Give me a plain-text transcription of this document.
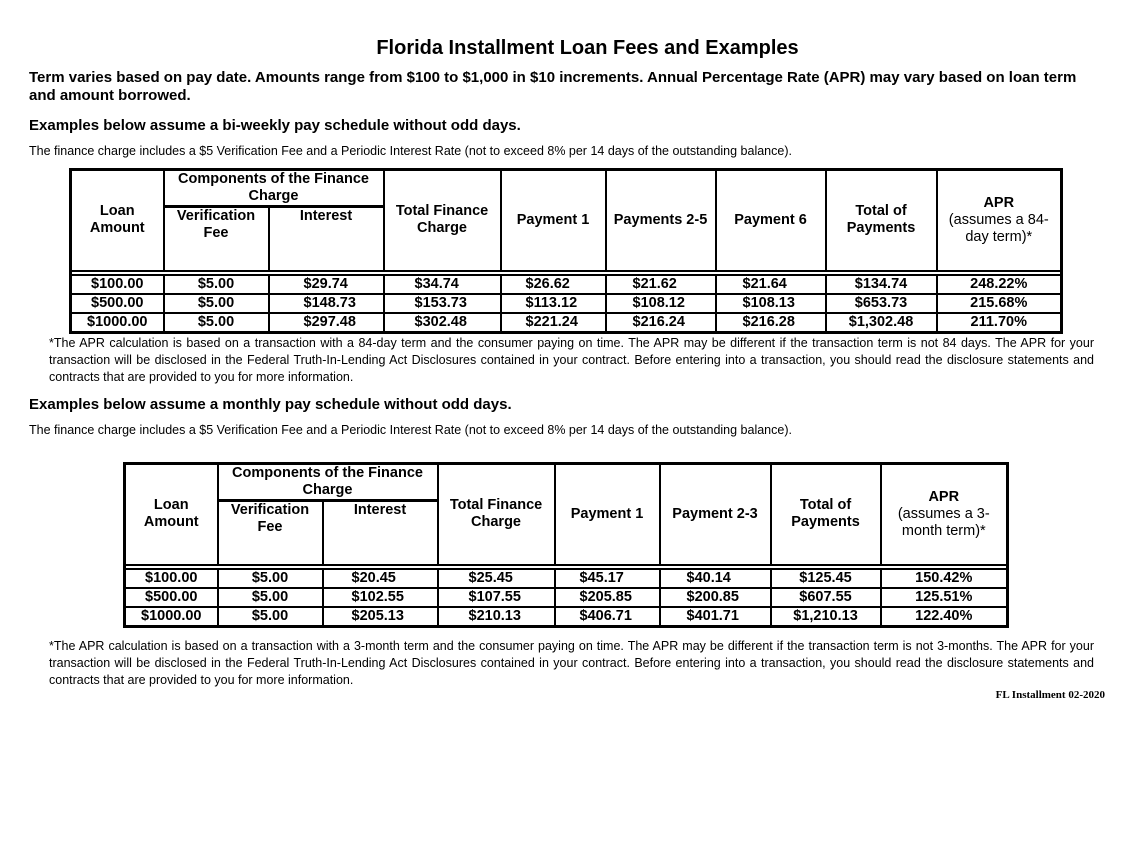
Florida Installment Loan Fees and Examples
Term varies based on pay date. Amounts range from $100 to $1,000 in $10 increments. Annual Percentage Rate (APR) may vary based on loan term and amount borrowed.
Examples below assume a bi-weekly pay schedule without odd days.
The finance charge includes a $5 Verification Fee and a Periodic Interest Rate (not to exceed 8% per 14 days of the outstanding balance).
Loan Amount	Components of the Finance Charge		Total Finance Charge	Payment 1	Payments 2-5	Payment 6	Total of Payments	APR
(assumes a 84-day term)*

	Verification Fee	Interest						

$100.00	$5.00	$29.74	$34.74	$26.62	$21.62	$21.64	$134.74	248.22%
$500.00	$5.00	$148.73	$153.73	$113.12	$108.12	$108.13	$653.73	215.68%
$1000.00	$5.00	$297.48	$302.48	$221.24	$216.24	$216.28	$1,302.48	211.70%
*The APR calculation is based on a transaction with a 84-day term and the consumer paying on time. The APR may be different if the transaction term is not 84 days. The APR for your transaction will be disclosed in the Federal Truth-In-Lending Act Disclosures contained in your contract. Before entering into a transaction, you should read the disclosure statements and contracts that are provided to you for more information.
Examples below assume a monthly pay schedule without odd days.
The finance charge includes a $5 Verification Fee and a Periodic Interest Rate (not to exceed 8% per 14 days of the outstanding balance).
Loan Amount	Components of the Finance Charge		Total Finance Charge	Payment 1	Payment 2-3	Total of Payments	APR
(assumes a 3-month term)*

	Verification Fee	Interest					

$100.00	$5.00	$20.45	$25.45	$45.17	$40.14	$125.45	150.42%
$500.00	$5.00	$102.55	$107.55	$205.85	$200.85	$607.55	125.51%
$1000.00	$5.00	$205.13	$210.13	$406.71	$401.71	$1,210.13	122.40%
*The APR calculation is based on a transaction with a 3-month term and the consumer paying on time. The APR may be different if the transaction term is not 3-months. The APR for your transaction will be disclosed in the Federal Truth-In-Lending Act Disclosures contained in your contract. Before entering into a transaction, you should read the disclosure statements and contracts that are provided to you for more information.
FL Installment 02-2020
